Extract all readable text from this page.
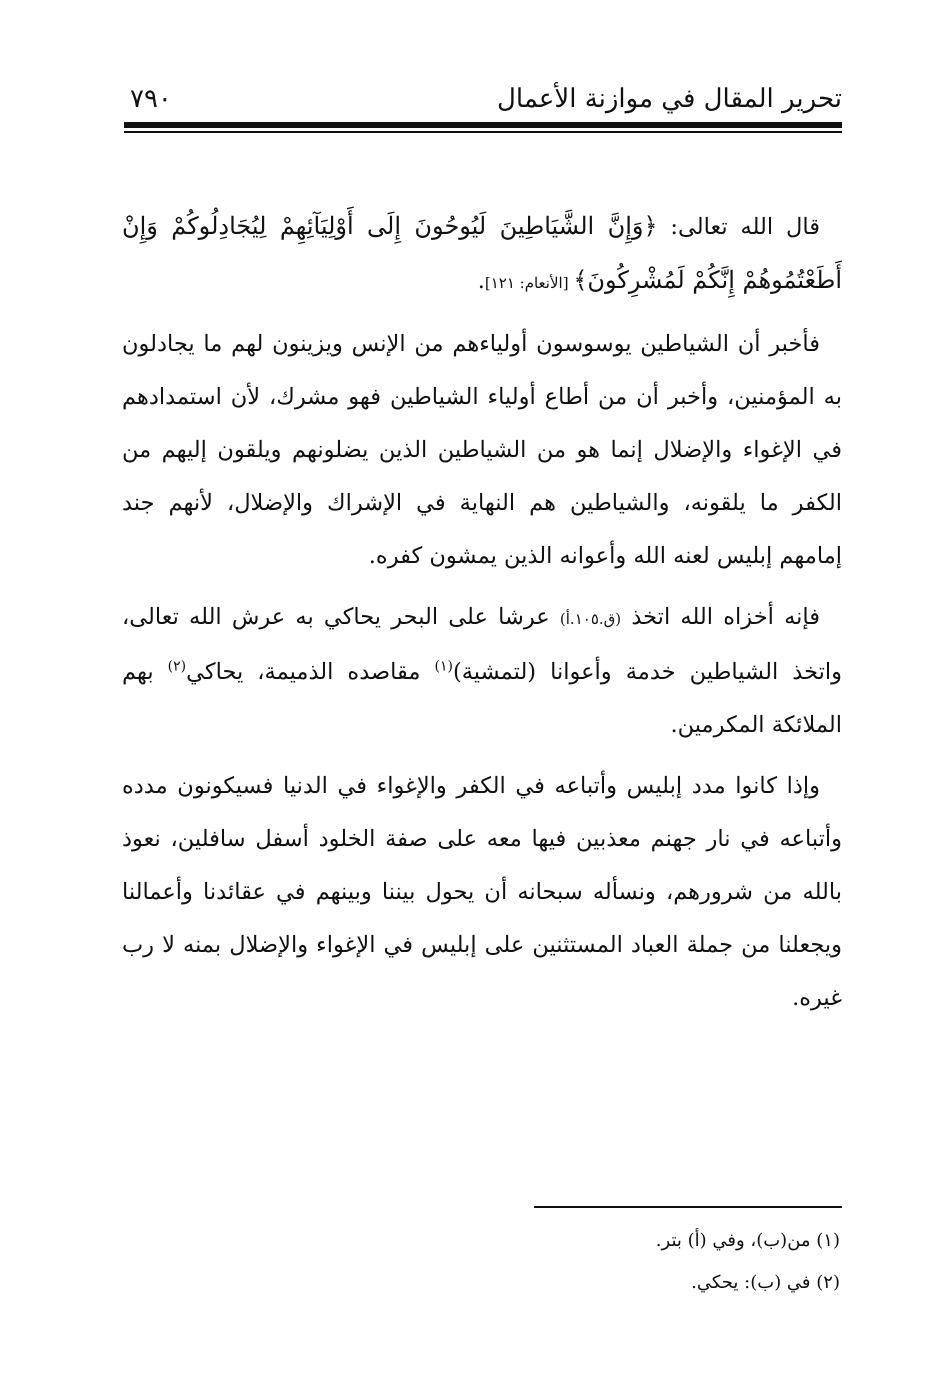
تحرير المقال في موازنة الأعمال
٧٩٠

قال الله تعالى: ﴿وَإِنَّ الشَّيَاطِينَ لَيُوحُونَ إِلَى أَوْلِيَآئِهِمْ لِيُجَادِلُوكُمْ وَإِنْ أَطَعْتُمُوهُمْ إِنَّكُمْ لَمُشْرِكُونَ﴾ [الأنعام: ١٢١].

فأخبر أن الشياطين يوسوسون أولياءهم من الإنس ويزينون لهم ما يجادلون به المؤمنين، وأخبر أن من أطاع أولياء الشياطين فهو مشرك، لأن استمدادهم في الإغواء والإضلال إنما هو من الشياطين الذين يضلونهم ويلقون إليهم من الكفر ما يلقونه، والشياطين هم النهاية في الإشراك والإضلال، لأنهم جند إمامهم إبليس لعنه الله وأعوانه الذين يمشون كفره.

فإنه أخزاه الله اتخذ (ق.١٠٥.أ) عرشا على البحر يحاكي به عرش الله تعالى، واتخذ الشياطين خدمة وأعوانا (لتمشية)$^{(١)}$ مقاصده الذميمة، يحاكي$^{(٢)}$ بهم الملائكة المكرمين.

وإذا كانوا مدد إبليس وأتباعه في الكفر والإغواء في الدنيا فسيكونون مدده وأتباعه في نار جهنم معذبين فيها معه على صفة الخلود أسفل سافلين، نعوذ بالله من شرورهم، ونسأله سبحانه أن يحول بيننا وبينهم في عقائدنا وأعمالنا ويجعلنا من جملة العباد المستثنين على إبليس في الإغواء والإضلال بمنه لا رب غيره.

(١) من(ب)، وفي (أ) بتر.
(٢) في (ب): يحكي.
